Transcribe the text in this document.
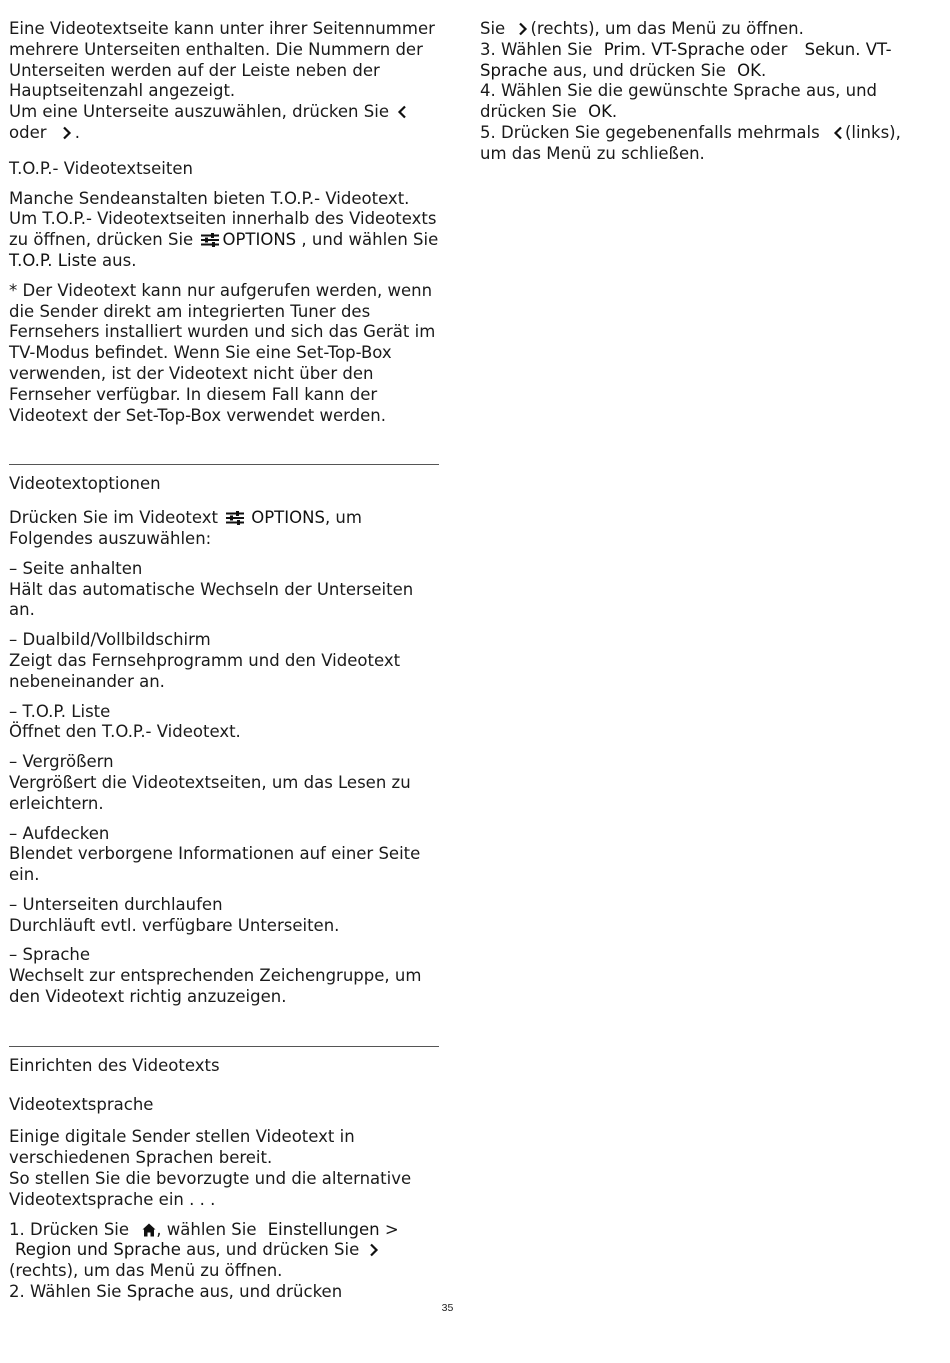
Eine Videotextseite kann unter ihrer Seitennummer mehrere Unterseiten enthalten. Die Nummern der Unterseiten werden auf der Leiste neben der Hauptseitenzahl angezeigt.
Um eine Unterseite auszuwählen, drücken Sie
oder .

T.O.P.- Videotextseiten

Manche Sendeanstalten bieten T.O.P.- Videotext. Um T.O.P.- Videotextseiten innerhalb des Videotexts zu öffnen, drücken Sie OPTIONS , und wählen Sie
T.O.P. Liste aus.

* Der Videotext kann nur aufgerufen werden, wenn die Sender direkt am integrierten Tuner des Fernsehers installiert wurden und sich das Gerät im TV-Modus befindet. Wenn Sie eine Set-Top-Box verwenden, ist der Videotext nicht über den Fernseher verfügbar. In diesem Fall kann der Videotext der Set-Top-Box verwendet werden.

Videotextoptionen

Drücken Sie im Videotext OPTIONS, um Folgendes auszuwählen:

– Seite anhalten
Hält das automatische Wechseln der Unterseiten an.

– Dualbild/Vollbildschirm
Zeigt das Fernsehprogramm und den Videotext nebeneinander an.

– T.O.P. Liste
Öffnet den T.O.P.- Videotext.

– Vergrößern
Vergrößert die Videotextseiten, um das Lesen zu erleichtern.

– Aufdecken
Blendet verborgene Informationen auf einer Seite ein.

– Unterseiten durchlaufen
Durchläuft evtl. verfügbare Unterseiten.

– Sprache
Wechselt zur entsprechenden Zeichengruppe, um den Videotext richtig anzuzeigen.

Einrichten des Videotexts

Videotextsprache

Einige digitale Sender stellen Videotext in verschiedenen Sprachen bereit.
So stellen Sie die bevorzugte und die alternative Videotextsprache ein . . .

1. Drücken Sie , wählen Sie Einstellungen > Region und Sprache aus, und drücken Sie
(rechts), um das Menü zu öffnen.
2. Wählen Sie Sprache aus, und drücken

Sie (rechts), um das Menü zu öffnen.
3. Wählen Sie Prim. VT-Sprache oder Sekun. VT-Sprache aus, und drücken Sie OK.
4. Wählen Sie die gewünschte Sprache aus, und drücken Sie OK.
5. Drücken Sie gegebenenfalls mehrmals (links), um das Menü zu schließen.

35
